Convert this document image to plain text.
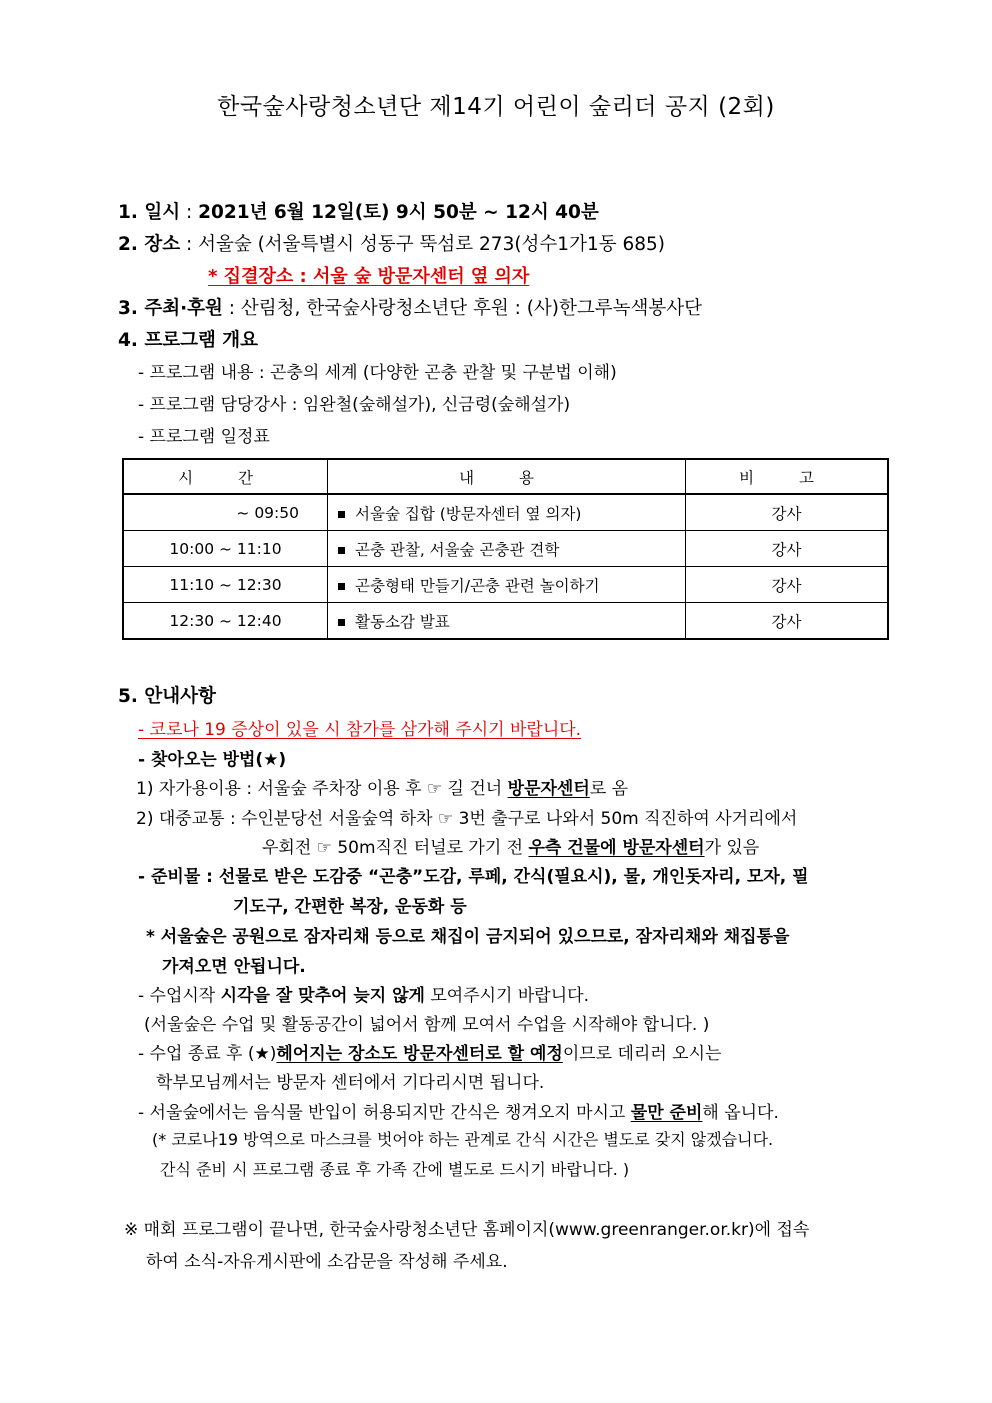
한국숲사랑청소년단 제14기 어린이 숲리더 공지 (2회)
1. 일시 : 2021년 6월 12일(토) 9시 50분 ~ 12시 40분
2. 장소 : 서울숲 (서울특별시 성동구 뚝섬로 273(성수1가1동 685)
* 집결장소 : 서울 숲 방문자센터 옆 의자
3. 주최·후원 : 산림청, 한국숲사랑청소년단 후원 : (사)한그루녹색봉사단
4. 프로그램 개요
- 프로그램 내용 : 곤충의 세계 (다양한 곤충 관찰 및 구분법 이해)
- 프로그램 담당강사 : 임완철(숲해설가), 신금령(숲해설가)
- 프로그램 일정표
시 간	내 용	비 고
~ 09:50	서울숲 집합 (방문자센터 옆 의자)	강사
10:00 ~ 11:10	곤충 관찰, 서울숲 곤충관 견학	강사
11:10 ~ 12:30	곤충형태 만들기/곤충 관련 놀이하기	강사
12:30 ~ 12:40	활동소감 발표	강사
5. 안내사항
- 코로나 19 증상이 있을 시 참가를 삼가해 주시기 바랍니다.
- 찾아오는 방법(★)
1) 자가용이용 : 서울숲 주차장 이용 후 ☞ 길 건너 방문자센터로 옴
2) 대중교통 : 수인분당선 서울숲역 하차 ☞ 3번 출구로 나와서 50m 직진하여 사거리에서
우회전 ☞ 50m직진 터널로 가기 전 우측 건물에 방문자센터가 있음
- 준비물 : 선물로 받은 도감중 “곤충”도감, 루페, 간식(필요시), 물, 개인돗자리, 모자, 필
기도구, 간편한 복장, 운동화 등
* 서울숲은 공원으로 잠자리채 등으로 채집이 금지되어 있으므로, 잠자리채와 채집통을
가져오면 안됩니다.
- 수업시작 시각을 잘 맞추어 늦지 않게 모여주시기 바랍니다.
(서울숲은 수업 및 활동공간이 넓어서 함께 모여서 수업을 시작해야 합니다. )
- 수업 종료 후 (★)헤어지는 장소도 방문자센터로 할 예정이므로 데리러 오시는
학부모님께서는 방문자 센터에서 기다리시면 됩니다.
- 서울숲에서는 음식물 반입이 허용되지만 간식은 챙겨오지 마시고 물만 준비해 옵니다.
(* 코로나19 방역으로 마스크를 벗어야 하는 관계로 간식 시간은 별도로 갖지 않겠습니다.
간식 준비 시 프로그램 종료 후 가족 간에 별도로 드시기 바랍니다. )
※ 매회 프로그램이 끝나면, 한국숲사랑청소년단 홈페이지(www.greenranger.or.kr)에 접속
하여 소식-자유게시판에 소감문을 작성해 주세요.
